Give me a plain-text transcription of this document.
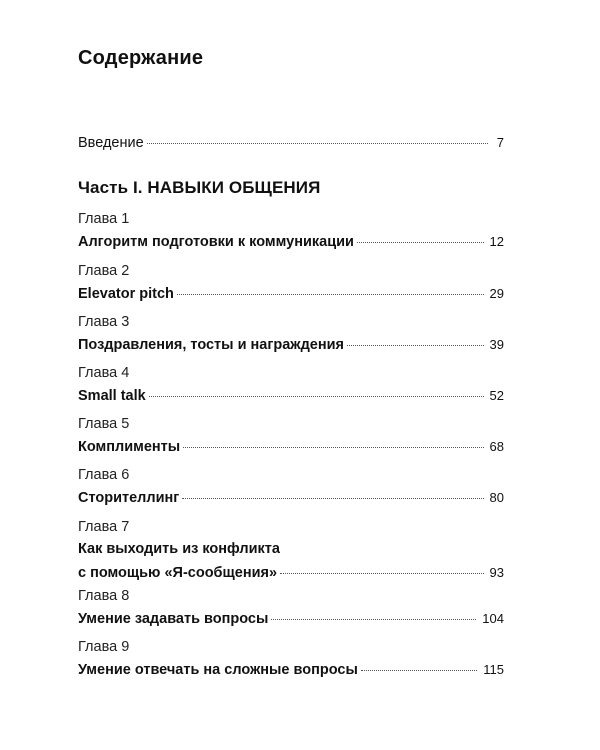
Содержание
Введение	7
Часть I. НАВЫКИ ОБЩЕНИЯ
Глава 1
Алгоритм подготовки к коммуникации	12
Глава 2
Elevator pitch	29
Глава 3
Поздравления, тосты и награждения	39
Глава 4
Small talk	52
Глава 5
Комплименты	68
Глава 6
Сторителлинг	80
Глава 7
Как выходить из конфликта
с помощью «Я-сообщения»	93
Глава 8
Умение задавать вопросы	104
Глава 9
Умение отвечать на сложные вопросы	115
